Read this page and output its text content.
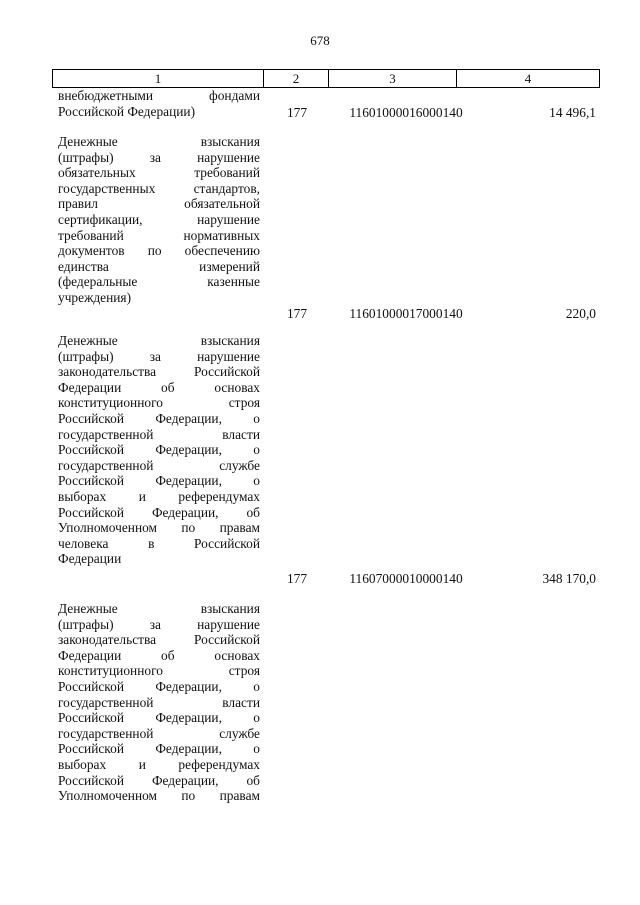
678
1	2	3	4
внебюджетными фондами
Российской Федерации)	177	11601000016000140	14 496,1
Денежные взыскания
(штрафы) за нарушение
обязательных требований
государственных стандартов,
правил обязательной
сертификации, нарушение
требований нормативных
документов по обеспечению
единства измерений
(федеральные казенные
учреждения)
177	11601000017000140	220,0
Денежные взыскания
(штрафы) за нарушение
законодательства Российской
Федерации об основах
конституционного строя
Российской Федерации, о
государственной власти
Российской Федерации, о
государственной службе
Российской Федерации, о
выборах и референдумах
Российской Федерации, об
Уполномоченном по правам
человека в Российской
Федерации
177	11607000010000140	348 170,0
Денежные взыскания
(штрафы) за нарушение
законодательства Российской
Федерации об основах
конституционного строя
Российской Федерации, о
государственной власти
Российской Федерации, о
государственной службе
Российской Федерации, о
выборах и референдумах
Российской Федерации, об
Уполномоченном по правам
